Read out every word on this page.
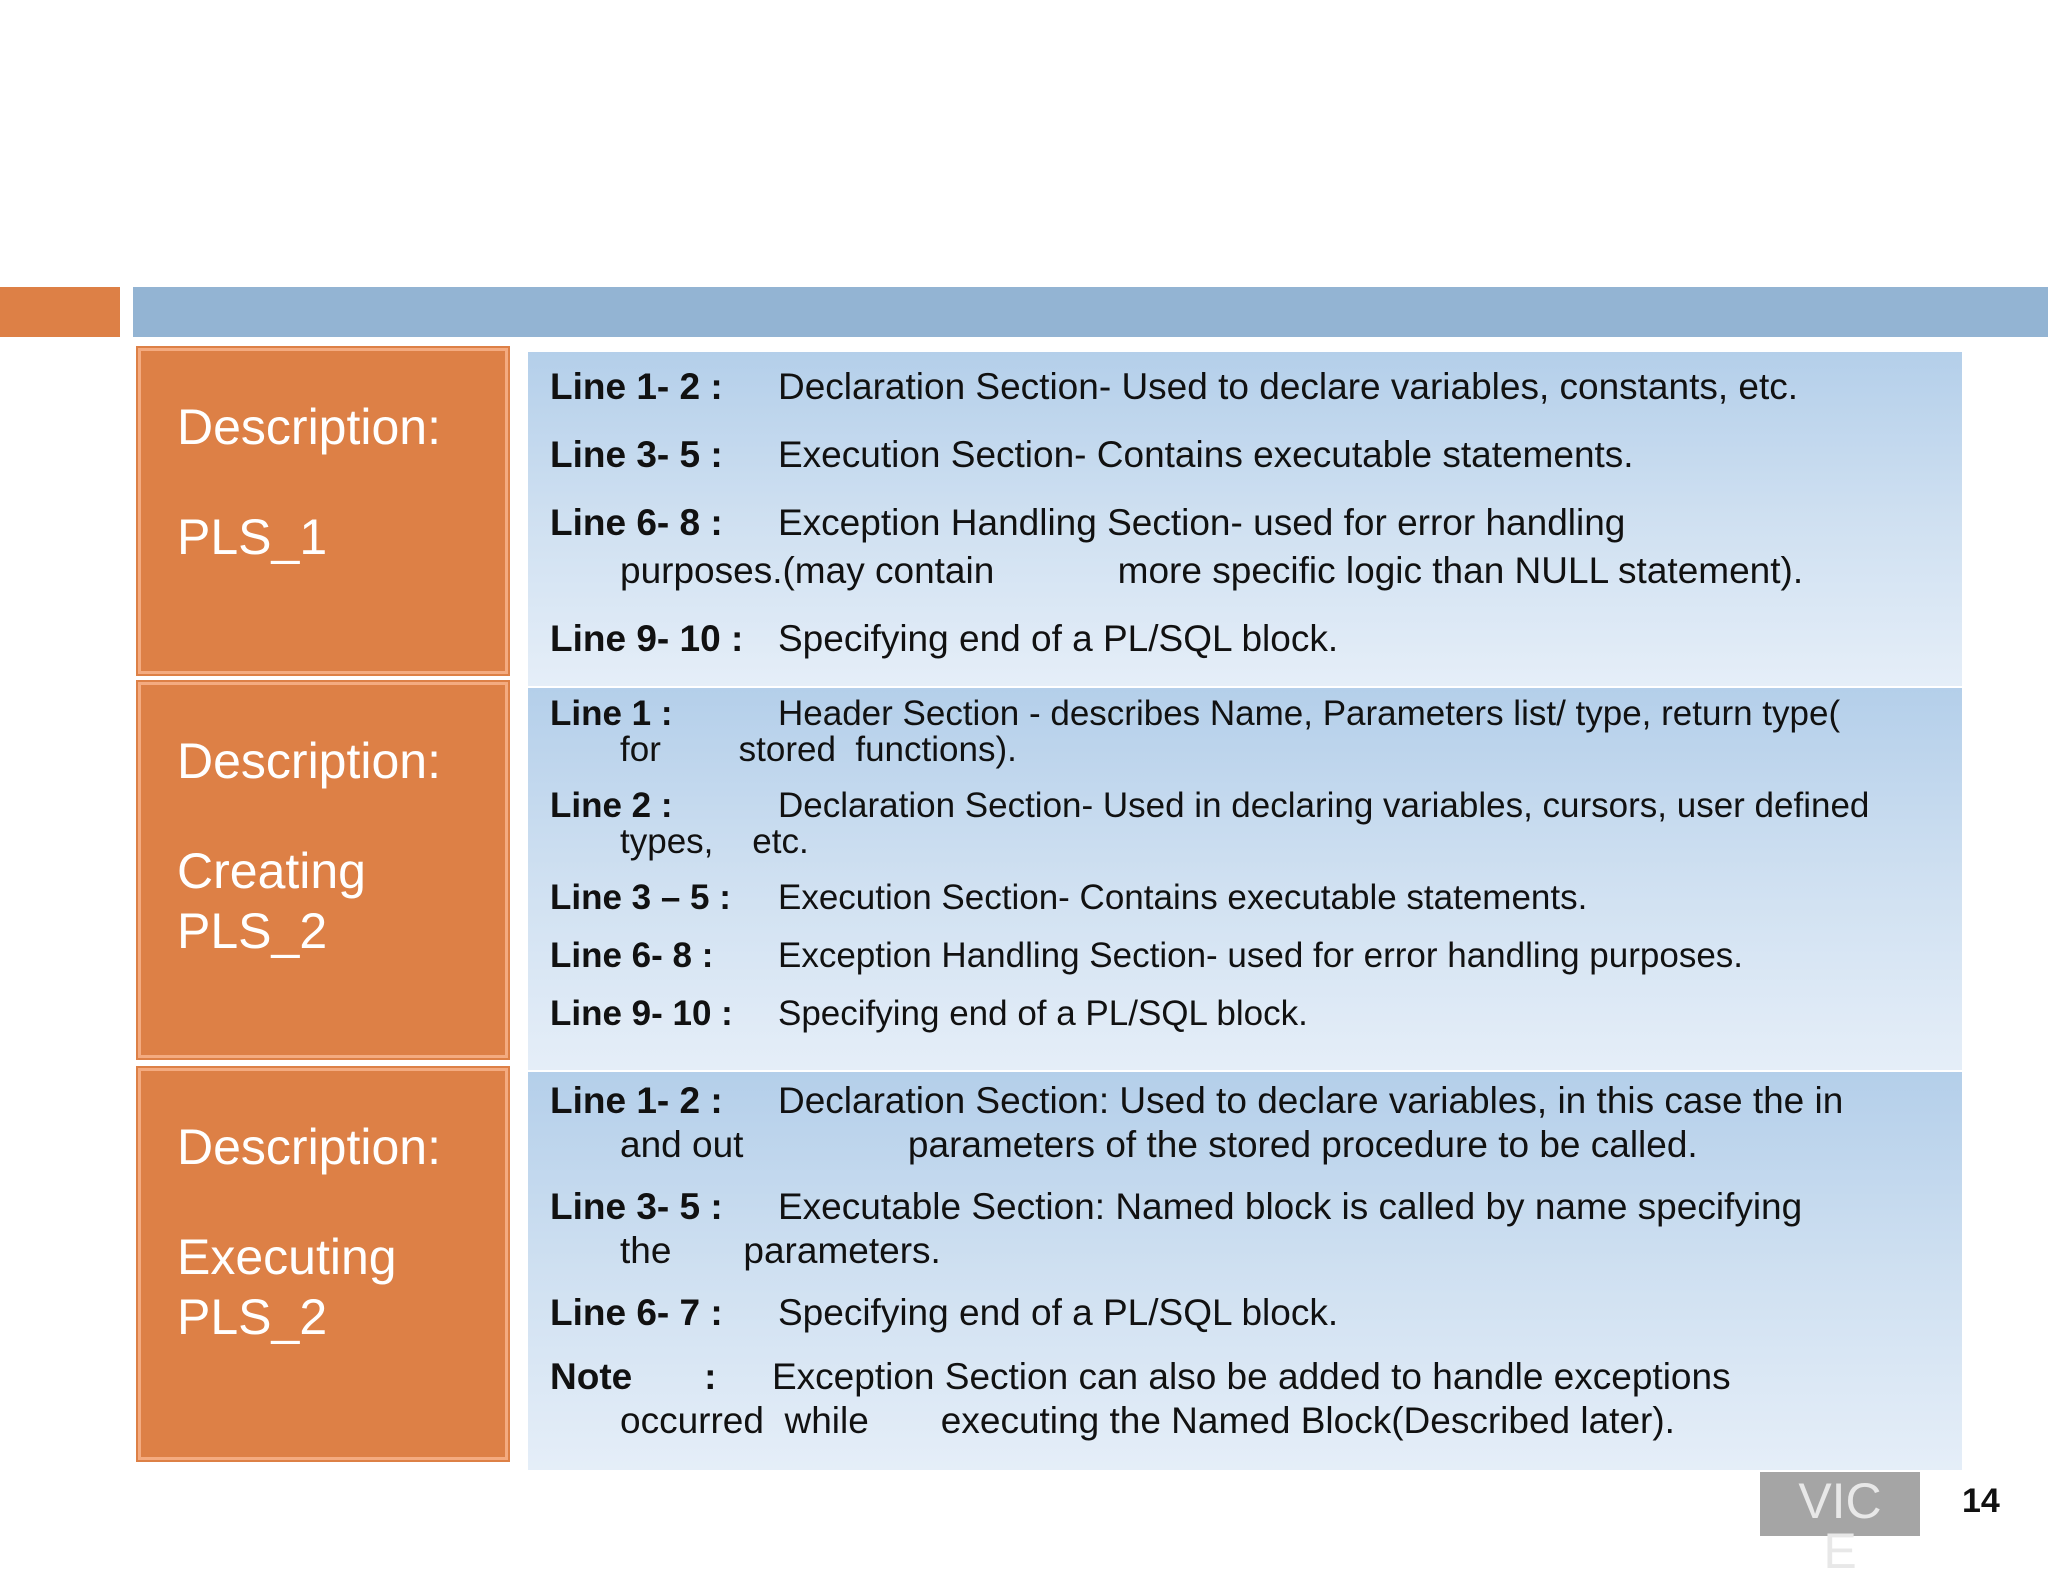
Description:
PLS_1
Line 1- 2 : Declaration Section- Used to declare variables, constants, etc.
Line 3- 5 : Execution Section- Contains executable statements.
Line 6- 8 : Exception Handling Section- used for error handling
purposes.(may contain            more specific logic than NULL statement).
Line 9- 10 : Specifying end of a PL/SQL block.
Description:
Creating
PLS_2
Line 1 :	Header Section - describes Name, Parameters list/ type, return type(
for        stored  functions).
Line 2 :	Declaration Section- Used in declaring variables, cursors, user defined
types,    etc.
Line 3 – 5 : Execution Section- Contains executable statements.
Line 6- 8 : Exception Handling Section- used for error handling purposes.
Line 9- 10 : Specifying end of a PL/SQL block.
Description:
Executing
PLS_2
Line 1- 2 : Declaration Section: Used to declare variables, in this case the in
and out                parameters of the stored procedure to be called.
Line 3- 5 : Executable Section: Named block is called by name specifying
the       parameters.
Line 6- 7 : Specifying end of a PL/SQL block.
Note       : Exception Section can also be added to handle exceptions
occurred  while       executing the Named Block(Described later).
VIC
E
14
